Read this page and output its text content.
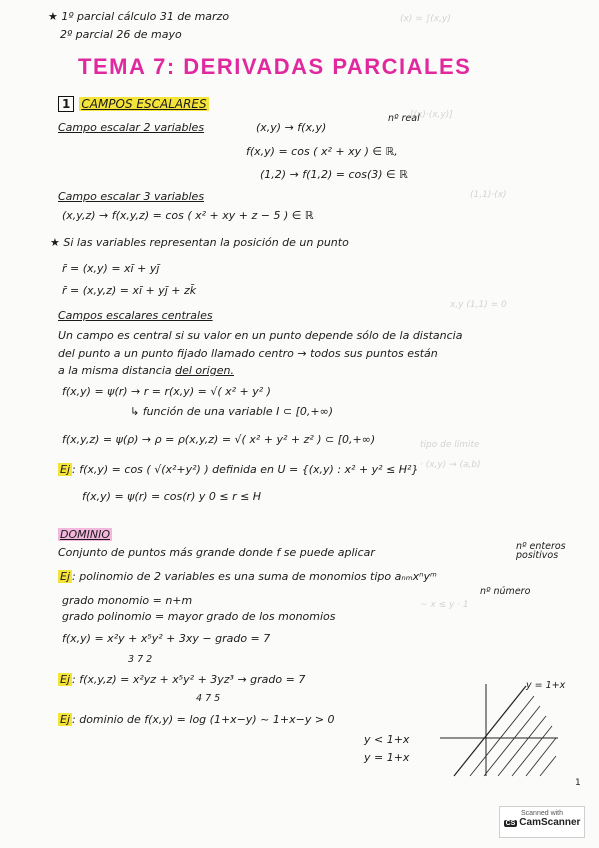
(x) = ∫(x,y)
[(x)·(x,y)]
(1,1)·(x)
x,y (1,1) = 0
tipo de límite
· (x,y) → (a,b)
~ x ≤ y · 1
★ 1º parcial cálculo 31 de marzo
2º parcial 26 de mayo
TEMA 7: DERIVADAS PARCIALES
1 CAMPOS ESCALARES
Campo escalar 2 variables	(x,y) → f(x,y)
nº real
f(x,y) = cos ( x² + xy ) ∈ ℝ,
(1,2) → f(1,2) = cos(3) ∈ ℝ
Campo escalar 3 variables
(x,y,z) → f(x,y,z) = cos ( x² + xy + z − 5 ) ∈ ℝ
★ Si las variables representan la posición de un punto
r̄ = (x,y) = xī + yj̄
r̄ = (x,y,z) = xī + yj̄ + zk̄
Campos escalares centrales
Un campo es central si su valor en un punto depende sólo de la distancia
del punto a un punto fijado llamado centro → todos sus puntos están
a la misma distancia del origen.
f(x,y) = ψ(r) → r = r(x,y) = √( x² + y² )
↳ función de una variable I ⊂ [0,+∞)
f(x,y,z) = ψ(ρ) → ρ = ρ(x,y,z) = √( x² + y² + z² ) ⊂ [0,+∞)
Ej : f(x,y) = cos ( √(x²+y²) ) definida en U = {(x,y) : x² + y² ≤ H²}
f(x,y) = ψ(r) = cos(r) y 0 ≤ r ≤ H
DOMINIO
Conjunto de puntos más grande donde f se puede aplicar	nº enteros
positivos
Ej : polinomio de 2 variables es una suma de monomios tipo aₙₘxⁿyᵐ
nº número
grado monomio = n+m
grado polinomio = mayor grado de los monomios
f(x,y) = x²y + x⁵y² + 3xy − grado = 7
3 7 2
Ej : f(x,y,z) = x²yz + x⁵y² + 3yz³ → grado = 7
4 7 5
Ej : dominio de f(x,y) = log (1+x−y) ~ 1+x−y > 0
y < 1+x
y = 1+x
y = 1+x
1
Scanned with
CS CamScanner
